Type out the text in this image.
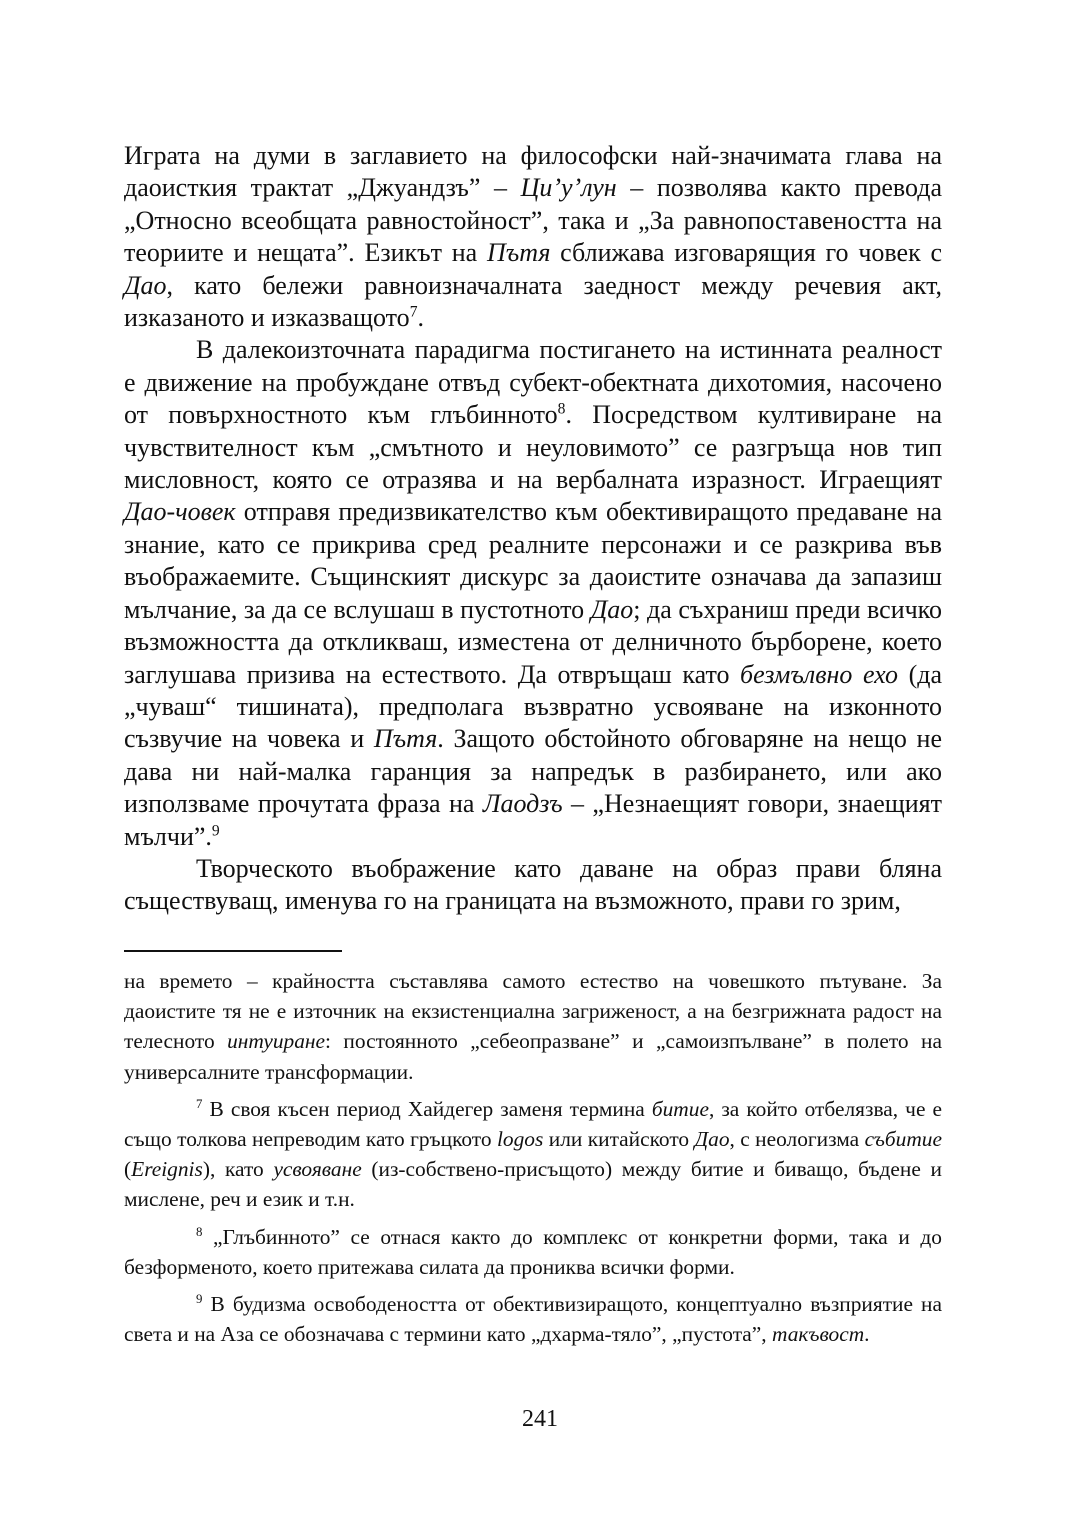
Играта на думи в заглавието на философски най-значимата глава на даоисткия трактат „Джуандзъ” – Ци’у’лун – позволява както превода „Относно всеобщата равностойност”, така и „За равнопоставеността на теориите и нещата”. Езикът на Пътя сближава изговарящия го човек с Дао, като бележи равноизначалната заедност между речевия акт, изказаното и изказващото$^7$.

В далекоизточната парадигма постигането на истинната реалност е движение на пробуждане отвъд субект-обектната дихотомия, насочено от повърхностното към глъбинното$^8$. Посредством култивиране на чувствителност към „смътното и неуловимото” се разгръща нов тип мисловност, която се отразява и на вербалната изразност. Играещият Дао-човек отправя предизвикателство към обективиращото предаване на знание, като се прикрива сред реалните персонажи и се разкрива във въображаемите. Същинският дискурс за даоистите означава да запазиш мълчание, за да се вслушаш в пустотното Дао; да съхраниш преди всичко възможността да откликваш, изместена от делничното бърборене, което заглушава призива на естеството. Да отвръщаш като безмълвно ехо (да „чуваш“ тишината), предполага възвратно усвояване на изконното съзвучие на човека и Пътя. Защото обстойното обговаряне на нещо не дава ни най-малка гаранция за напредък в разбирането, или ако използваме прочутата фраза на Лаодзъ – „Незнаещият говори, знаещият мълчи”.$^9$

Творческото въображение като даване на образ прави бляна съществуващ, именува го на границата на възможното, прави го зрим,

на времето – крайността съставлява самото естество на човешкото пътуване. За даоистите тя не е източник на екзистенциална загриженост, а на безгрижната радост на телесното интуиране: постоянното „себеопразване” и „самоизпълване” в полето на универсалните трансформации.

$^7$ В своя късен период Хайдегер заменя термина битие, за който отбелязва, че е също толкова непреводим като гръцкото logos или китайското Дао, с неологизма събитие (Ereignis), като усвояване (из-собствено-присъщото) между битие и биващо, бъдене и мислене, реч и език и т.н.

$^8$ „Глъбинното” се отнася както до комплекс от конкретни форми, така и до безформеното, което притежава силата да прониква всички форми.

$^9$ В будизма освободеността от обективизиращото, концептуално възприятие на света и на Аза се обозначава с термини като „дхарма-тяло”, „пустота”, такъвост.

241
